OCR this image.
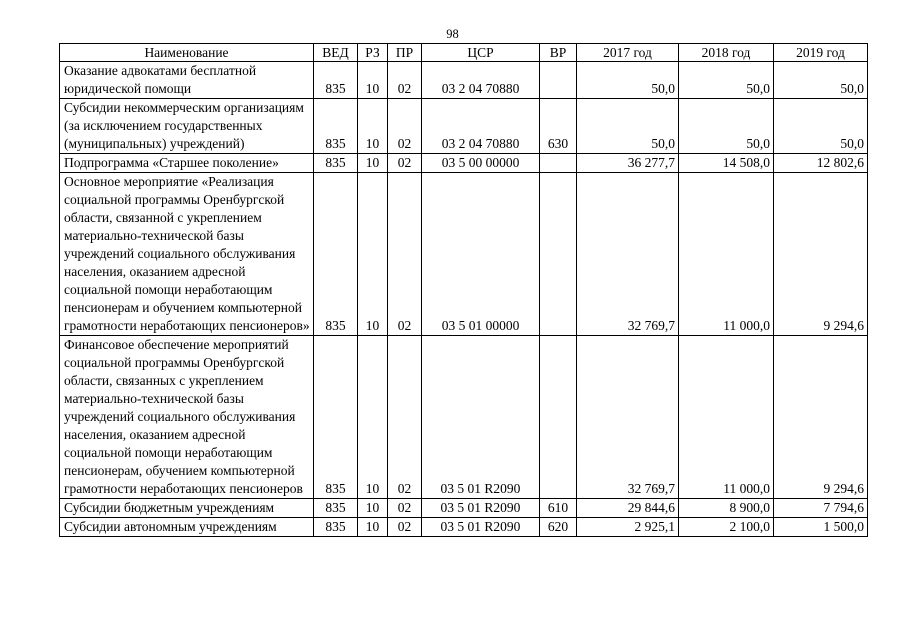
98
Наименование	ВЕД	РЗ	ПР	ЦСР	ВР	2017 год	2018 год	2019 год
Оказание адвокатами бесплатной юридической помощи	835	10	02	03 2 04 70880		50,0	50,0	50,0
Субсидии некоммерческим организациям (за исключением государственных (муниципальных) учреждений)	835	10	02	03 2 04 70880	630	50,0	50,0	50,0
Подпрограмма «Старшее поколение»	835	10	02	03 5 00 00000		36 277,7	14 508,0	12 802,6
Основное мероприятие «Реализация социальной программы Оренбургской области, связанной с укреплением материально-технической базы учреждений социального обслуживания населения, оказанием адресной социальной помощи неработающим пенсионерам и обучением компьютерной грамотности неработающих пенсионеров»	835	10	02	03 5 01 00000		32 769,7	11 000,0	9 294,6
Финансовое обеспечение мероприятий социальной программы Оренбургской области, связанных с укреплением материально-технической базы учреждений социального обслуживания населения, оказанием адресной социальной помощи неработающим пенсионерам, обучением компьютерной грамотности неработающих пенсионеров	835	10	02	03 5 01 R2090		32 769,7	11 000,0	9 294,6
Субсидии бюджетным учреждениям	835	10	02	03 5 01 R2090	610	29 844,6	8 900,0	7 794,6
Субсидии автономным учреждениям	835	10	02	03 5 01 R2090	620	2 925,1	2 100,0	1 500,0
